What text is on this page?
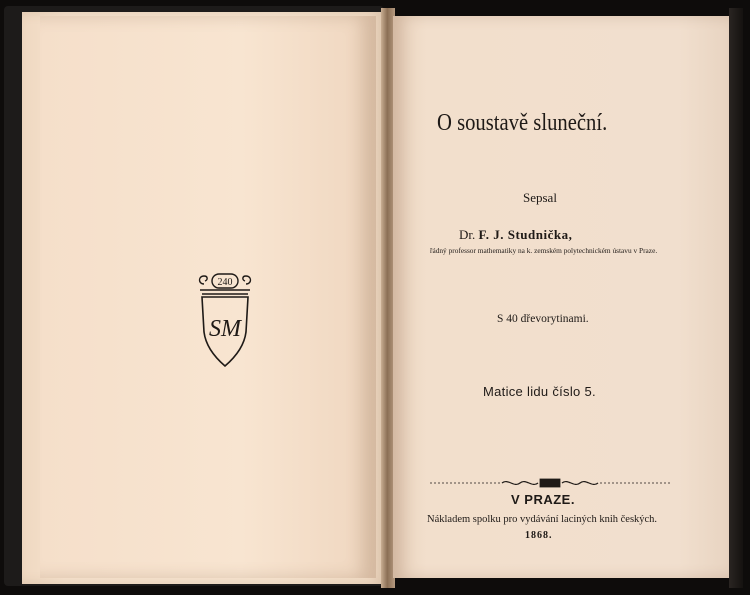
240
SM
O soustavě sluneční.
Sepsal
Dr. F. J. Studnička,
řádný professor mathematiky na k. zemském polytechnickém ústavu v Praze.
S 40 dřevorytinami.
Matice lidu číslo 5.
V PRAZE.
Nákladem spolku pro vydávání laciných knih českých.
1868.
